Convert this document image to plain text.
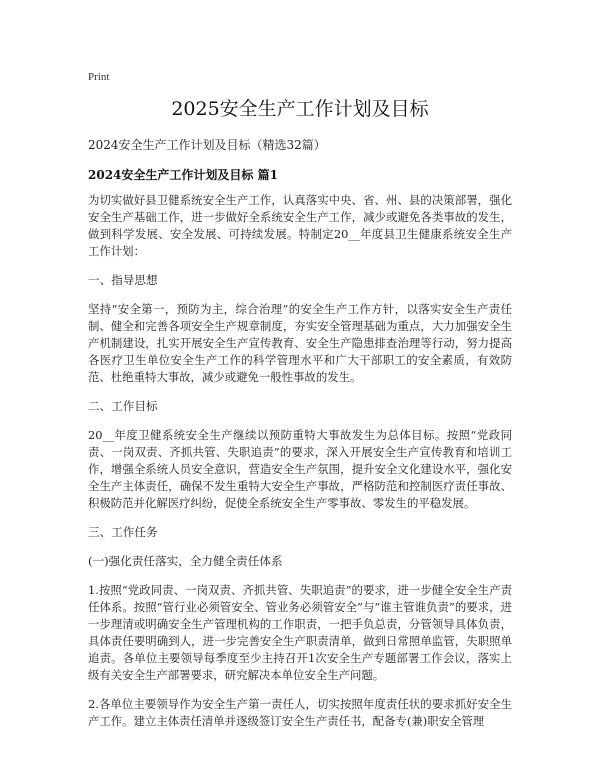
Print
2025安全生产工作计划及目标

2024安全生产工作计划及目标（精选32篇）

2024安全生产工作计划及目标 篇1

为切实做好县卫健系统安全生产工作，认真落实中央、省、州、县的决策部署，强化安全生产基础工作，进一步做好全系统安全生产工作，减少或避免各类事故的发生，做到科学发展、安全发展、可持续发展。特制定20__年度县卫生健康系统安全生产工作计划：

一、指导思想

坚持“安全第一，预防为主，综合治理”的安全生产工作方针，以落实安全生产责任制、健全和完善各项安全生产规章制度，夯实安全管理基础为重点，大力加强安全生产机制建设，扎实开展安全生产宣传教育、安全生产隐患排查治理等行动，努力提高各医疗卫生单位安全生产工作的科学管理水平和广大干部职工的安全素质，有效防范、杜绝重特大事故，减少或避免一般性事故的发生。

二、工作目标

20__年度卫健系统安全生产继续以预防重特大事故发生为总体目标。按照“党政同责、一岗双责、齐抓共管、失职追责”的要求，深入开展安全生产宣传教育和培训工作，增强全系统人员安全意识，营造安全生产氛围，提升安全文化建设水平，强化安全生产主体责任，确保不发生重特大安全生产事故，严格防范和控制医疗责任事故、积极防范并化解医疗纠纷，促使全系统安全生产零事故、零发生的平稳发展。

三、工作任务

(一)强化责任落实，全力健全责任体系

1.按照“党政同责、一岗双责、齐抓共管、失职追责”的要求，进一步健全安全生产责任体系。按照“管行业必须管安全、管业务必须管安全”与“谁主管谁负责”的要求，进一步理清或明确安全生产管理机构的工作职责，一把手负总责，分管领导具体负责，具体责任要明确到人，进一步完善安全生产职责清单，做到日常照单监管，失职照单追责。各单位主要领导每季度至少主持召开1次安全生产专题部署工作会议，落实上级有关安全生产部署要求，研究解决本单位安全生产问题。

2.各单位主要领导作为安全生产第一责任人，切实按照年度责任状的要求抓好安全生产工作。建立主体责任清单并逐级签订安全生产责任书，配备专(兼)职安全管理
